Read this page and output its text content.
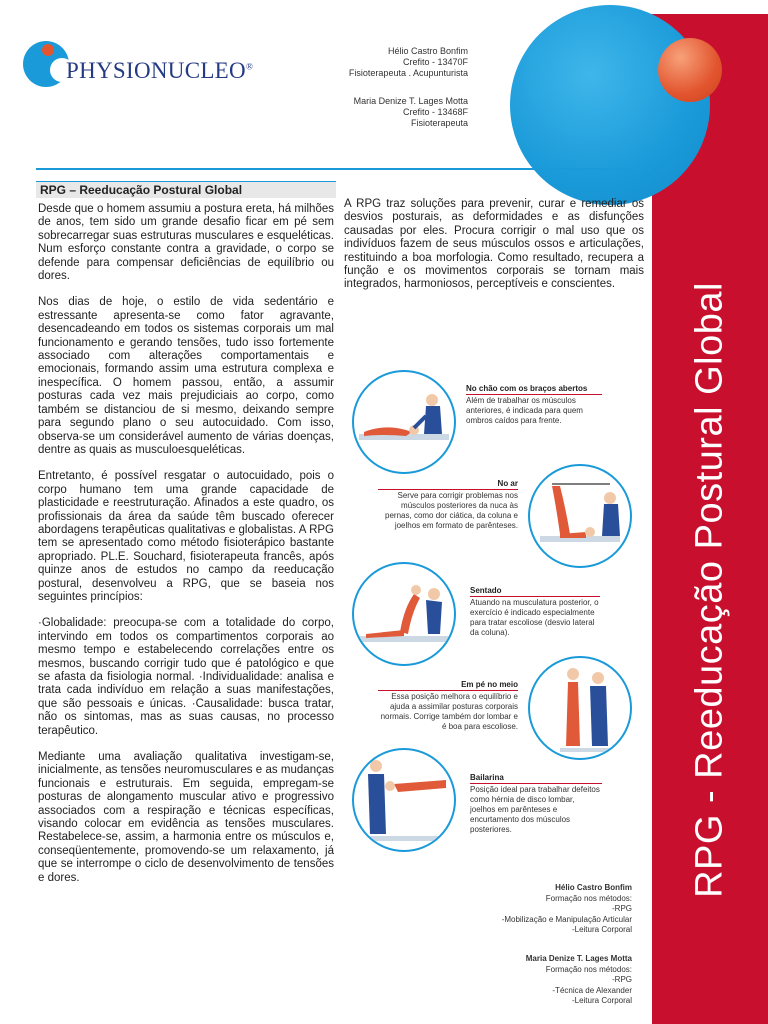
RPG - Reeducação Postural Global
PHYSIONUCLEO®
Hélio Castro Bonfim
Crefito - 13470F
Fisioterapeuta . Acupunturista
Maria Denize T. Lages Motta
Crefito - 13468F
Fisioterapeuta
RPG – Reeducação Postural Global

Desde que o homem assumiu a postura ereta, há milhões de anos, tem sido um grande desafio ficar em pé sem sobrecarregar suas estruturas musculares e esqueléticas. Num esforço constante contra a gravidade, o corpo se defende para compensar deficiências de equilíbrio ou dores.

Nos dias de hoje, o estilo de vida sedentário e estressante apresenta-se como fator agravante, desencadeando em todos os sistemas corporais um mal funcionamento e gerando tensões, tudo isso fortemente associado com alterações comportamentais e emocionais, formando assim uma estrutura complexa e inespecífica. O homem passou, então, a assumir posturas cada vez mais prejudiciais ao corpo, como também se distanciou de si mesmo, deixando sempre para segundo plano o seu autocuidado. Com isso, observa-se um considerável aumento de várias doenças, dentre as quais as musculoesqueléticas.

Entretanto, é possível resgatar o autocuidado, pois o corpo humano tem uma grande capacidade de plasticidade e reestruturação. Afinados a este quadro, os profissionais da área da saúde têm buscado oferecer abordagens terapêuticas qualitativas e globalistas. A RPG tem se apresentado como método fisioterápico bastante apropriado. PL.E. Souchard, fisioterapeuta francês, após quinze anos de estudos no campo da reeducação postural, desenvolveu a RPG, que se baseia nos seguintes princípios:

·Globalidade: preocupa-se com a totalidade do corpo, intervindo em todos os compartimentos corporais ao mesmo tempo e estabelecendo correlações entre os mesmos, buscando corrigir tudo que é patológico e que se afasta da fisiologia normal. ·Individualidade: analisa e trata cada indivíduo em relação a suas manifestações, que são pessoais e únicas. ·Causalidade: busca tratar, não os sintomas, mas as suas causas, no processo terapêutico.

Mediante uma avaliação qualitativa investigam-se, inicialmente, as tensões neuromusculares e as mudanças funcionais e estruturais. Em seguida, empregam-se posturas de alongamento muscular ativo e progressivo associados com a respiração e técnicas específicas, visando colocar em evidência as tensões musculares. Restabelece-se, assim, a harmonia entre os músculos e, conseqüentemente, promovendo-se um relaxamento, já que se interrompe o ciclo de desenvolvimento de tensões e dores.

A RPG traz soluções para prevenir, curar e remediar os desvios posturais, as deformidades e as disfunções causadas por eles. Procura corrigir o mal uso que os indivíduos fazem de seus músculos ossos e articulações, restituindo a boa morfologia. Como resultado, recupera a função e os movimentos corporais se tornam mais integrados, harmoniosos, perceptíveis e conscientes.
No chão com os braços abertos
Além de trabalhar os músculos anteriores, é indicada para quem ombros caídos para frente.
No ar
Serve para corrigir problemas nos músculos posteriores da nuca às pernas, como dor ciática, da coluna e joelhos em formato de parênteses.
Sentado
Atuando na musculatura posterior, o exercício é indicado especialmente para tratar escoliose (desvio lateral da coluna).
Em pé no meio
Essa posição melhora o equilíbrio e ajuda a assimilar posturas corporais normais. Corrige também dor lombar e é boa para escoliose.
Bailarina
Posição ideal para trabalhar defeitos como hérnia de disco lombar, joelhos em parênteses e encurtamento dos músculos posteriores.
Hélio Castro Bonfim
Formação nos métodos:
-RPG
-Mobilização e Manipulação Articular
-Leitura Corporal
Maria Denize T. Lages Motta
Formação nos métodos:
-RPG
-Técnica de Alexander
-Leitura Corporal
